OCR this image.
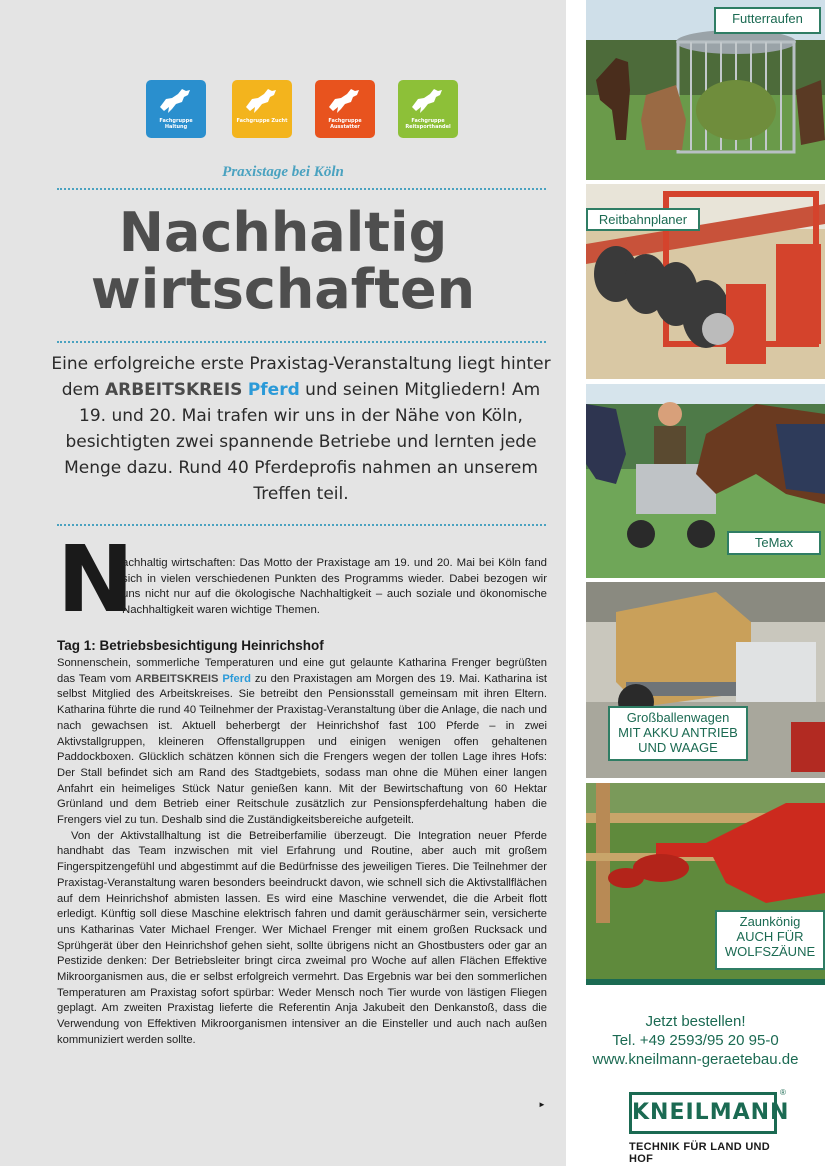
Fachgruppe Haltung
Fachgruppe Zucht	Fachgruppe Ausstatter
Fachgruppe Reitsporthandel
Praxistage bei Köln
Nachhaltig
wirtschaften
Eine erfolgreiche erste Praxistag-Veranstaltung liegt hinter dem ARBEITSKREIS Pferd und seinen Mitgliedern! Am 19. und 20. Mai trafen wir uns in der Nähe von Köln, besichtigten zwei spannende Betriebe und lernten jede Menge dazu. Rund 40 Pferdeprofis nahmen an unserem Treffen teil.
N
achhaltig wirtschaften: Das Motto der Praxistage am 19. und 20. Mai bei Köln fand sich in vielen verschiedenen Punkten des Programms wieder. Dabei bezogen wir uns nicht nur auf die ökologische Nachhaltigkeit – auch soziale und ökonomische Nachhaltigkeit waren wichtige Themen.
Tag 1: Betriebsbesichtigung Heinrichshof

Sonnenschein, sommerliche Temperaturen und eine gut gelaunte Katharina Frenger begrüßten das Team vom ARBEITSKREIS Pferd zu den Praxistagen am Morgen des 19. Mai. Katharina ist selbst Mitglied des Arbeitskreises. Sie betreibt den Pensionsstall gemeinsam mit ihren Eltern. Katharina führte die rund 40 Teilnehmer der Praxistag-Veranstaltung über die Anlage, die nach und nach gewachsen ist. Aktuell beherbergt der Heinrichshof fast 100 Pferde – in zwei Aktivstallgruppen, kleineren Offenstallgruppen und einigen wenigen offen gehaltenen Paddockboxen. Glücklich schätzen können sich die Frengers wegen der tollen Lage ihres Hofs: Der Stall befindet sich am Rand des Stadtgebiets, sodass man ohne die Mühen einer langen Anfahrt ein heimeliges Stück Natur genießen kann. Mit der Bewirtschaftung von 60 Hektar Grünland und dem Betrieb einer Reitschule zusätzlich zur Pensionspferdehaltung haben die Frengers viel zu tun. Deshalb sind die Zuständigkeitsbereiche aufgeteilt.

Von der Aktivstallhaltung ist die Betreiberfamilie überzeugt. Die Integration neuer Pferde handhabt das Team inzwischen mit viel Erfahrung und Routine, aber auch mit großem Fingerspitzengefühl und abgestimmt auf die Bedürfnisse des jeweiligen Tieres. Die Teilnehmer der Praxistag-Veranstaltung waren besonders beeindruckt davon, wie schnell sich die Aktivstallflächen auf dem Heinrichshof abmisten lassen. Es wird eine Maschine verwendet, die die Arbeit flott erledigt. Künftig soll diese Maschine elektrisch fahren und damit geräuschärmer sein, versicherte uns Katharinas Vater Michael Frenger. Wer Michael Frenger mit einem großen Rucksack und Sprühgerät über den Heinrichshof gehen sieht, sollte übrigens nicht an Ghostbusters oder gar an Pestizide denken: Der Betriebsleiter bringt circa zweimal pro Woche auf allen Flächen Effektive Mikroorganismen aus, die er selbst erfolgreich vermehrt. Das Ergebnis war bei den sommerlichen Temperaturen am Praxistag sofort spürbar: Weder Mensch noch Tier wurde von lästigen Fliegen geplagt. Am zweiten Praxistag lieferte die Referentin Anja Jakubeit den Denkanstoß, dass die Verwendung von Effektiven Mikroorganismen intensiver an die Einsteller und auch nach außen kommuniziert werden sollte.

►
Futterraufen
Reitbahnplaner
TeMax
Großballenwagen
MIT AKKU ANTRIEB
UND WAAGE
Zaunkönig
AUCH FÜR
WOLFSZÄUNE
Jetzt bestellen!
Tel. +49 2593/95 20 95-0
www.kneilmann-geraetebau.de
KNEILMANN
®
TECHNIK FÜR LAND UND HOF
